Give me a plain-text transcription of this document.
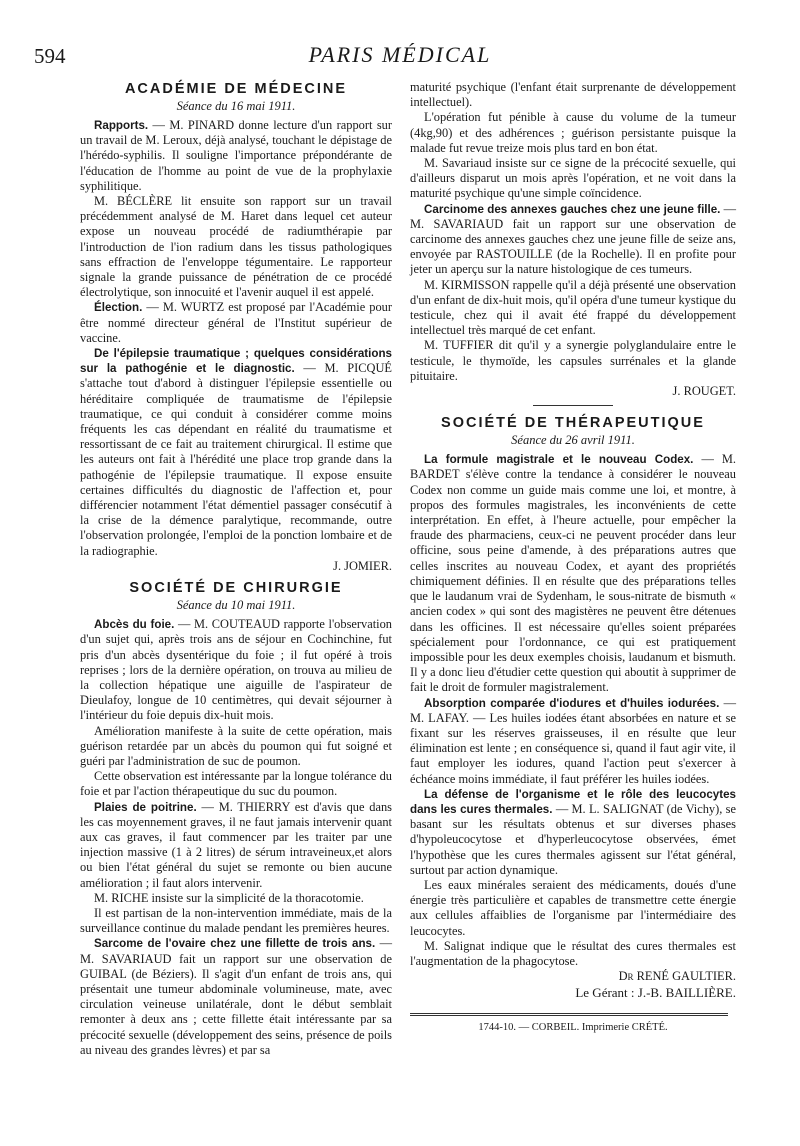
594	PARIS MÉDICAL
ACADÉMIE DE MÉDECINE
Séance du 16 mai 1911.

Rapports. — M. PINARD donne lecture d'un rapport sur un travail de M. Leroux, déjà analysé, touchant le dépistage de l'hérédo-syphilis. Il souligne l'importance prépondérante de l'éducation de l'homme au point de vue de la prophylaxie syphilitique.

M. BÉCLÈRE lit ensuite son rapport sur un travail précédemment analysé de M. Haret dans lequel cet auteur expose un nouveau procédé de radiumthérapie par l'introduction de l'ion radium dans les tissus pathologiques sans effraction de l'enveloppe tégumentaire. Le rapporteur signale la grande puissance de pénétration de ce procédé électrolytique, son innocuité et l'avenir auquel il est appelé.

Élection. — M. WURTZ est proposé par l'Académie pour être nommé directeur général de l'Institut supérieur de vaccine.

De l'épilepsie traumatique ; quelques considérations sur la pathogénie et le diagnostic. — M. PICQUÉ s'attache tout d'abord à distinguer l'épilepsie essentielle ou héréditaire compliquée de traumatisme de l'épilepsie traumatique, ce qui conduit à considérer comme moins fréquents les cas dépendant en réalité du traumatisme et ressortissant de ce fait au traitement chirurgical. Il estime que les auteurs ont fait à l'hérédité une place trop grande dans la pathogénie de l'épilepsie traumatique. Il expose ensuite certaines difficultés du diagnostic de l'affection et, pour différencier notamment l'état démentiel passager consécutif à la crise de la démence paralytique, recommande, outre l'observation prolongée, l'emploi de la ponction lombaire et de la radiographie.

J. JOMIER.

SOCIÉTÉ DE CHIRURGIE
Séance du 10 mai 1911.

Abcès du foie. — M. COUTEAUD rapporte l'observation d'un sujet qui, après trois ans de séjour en Cochinchine, fut pris d'un abcès dysentérique du foie ; il fut opéré à trois reprises ; lors de la dernière opération, on trouva au milieu de la collection hépatique une aiguille de l'aspirateur de Dieulafoy, longue de 10 centimètres, qui devait séjourner à l'intérieur du foie depuis dix-huit mois.

Amélioration manifeste à la suite de cette opération, mais guérison retardée par un abcès du poumon qui fut soigné et guéri par l'administration de suc de poumon.

Cette observation est intéressante par la longue tolérance du foie et par l'action thérapeutique du suc du poumon.

Plaies de poitrine. — M. THIERRY est d'avis que dans les cas moyennement graves, il ne faut jamais intervenir quant aux cas graves, il faut commencer par les traiter par une injection massive (1 à 2 litres) de sérum intraveineux,et alors ou bien l'état général du sujet se remonte ou bien aucune amélioration ; il faut alors intervenir.

M. RICHE insiste sur la simplicité de la thoracotomie.

Il est partisan de la non-intervention immédiate, mais de la surveillance continue du malade pendant les premières heures.

Sarcome de l'ovaire chez une fillette de trois ans. — M. SAVARIAUD fait un rapport sur une observation de GUIBAL (de Béziers). Il s'agit d'un enfant de trois ans, qui présentait une tumeur abdominale volumineuse, mate, avec circulation veineuse unilatérale, dont le début semblait remonter à deux ans ; cette fillette était intéressante par sa précocité sexuelle (développement des seins, présence de poils au niveau des grandes lèvres) et par sa

maturité psychique (l'enfant était surprenante de développement intellectuel).

L'opération fut pénible à cause du volume de la tumeur (4kg,90) et des adhérences ; guérison persistante puisque la malade fut revue treize mois plus tard en bon état.

M. Savariaud insiste sur ce signe de la précocité sexuelle, qui d'ailleurs disparut un mois après l'opération, et ne voit dans la maturité psychique qu'une simple coïncidence.

Carcinome des annexes gauches chez une jeune fille. — M. SAVARIAUD fait un rapport sur une observation de carcinome des annexes gauches chez une jeune fille de seize ans, envoyée par RASTOUILLE (de la Rochelle). Il en profite pour jeter un aperçu sur la nature histologique de ces tumeurs.

M. KIRMISSON rappelle qu'il a déjà présenté une observation d'un enfant de dix-huit mois, qu'il opéra d'une tumeur kystique du testicule, chez qui il avait été frappé du développement intellectuel très marqué de cet enfant.

M. TUFFIER dit qu'il y a synergie polyglandulaire entre le testicule, le thymoïde, les capsules surrénales et la glande pituitaire.

J. ROUGET.

SOCIÉTÉ DE THÉRAPEUTIQUE
Séance du 26 avril 1911.

La formule magistrale et le nouveau Codex. — M. BARDET s'élève contre la tendance à considérer le nouveau Codex non comme un guide mais comme une loi, et montre, à propos des formules magistrales, les inconvénients de cette interprétation. En effet, à l'heure actuelle, pour empêcher la fraude des pharmaciens, ceux-ci ne peuvent procéder dans leur officine, sous peine d'amende, à des préparations autres que celles inscrites au nouveau Codex, et ayant des propriétés chimiquement définies. Il en résulte que des préparations telles que le laudanum vrai de Sydenham, le sous-nitrate de bismuth « ancien codex » qui sont des magistères ne peuvent être détenues dans les officines. Il est nécessaire qu'elles soient préparées spécialement pour l'ordonnance, ce qui est pratiquement impossible pour les deux exemples choisis, laudanum et bismuth. Il y a donc lieu d'étudier cette question qui aboutit à supprimer de fait le droit de formuler magistralement.

Absorption comparée d'iodures et d'huiles iodurées. — M. LAFAY. — Les huiles iodées étant absorbées en nature et se fixant sur les réserves graisseuses, il en résulte que leur élimination est lente ; en conséquence si, quand il faut agir vite, il faut employer les iodures, quand l'action peut s'exercer à échéance moins immédiate, il faut préférer les huiles iodées.

La défense de l'organisme et le rôle des leucocytes dans les cures thermales. — M. L. SALIGNAT (de Vichy), se basant sur les résultats obtenus et sur diverses phases d'hypoleucocytose et d'hyperleucocytose observées, émet l'hypothèse que les cures thermales agissent sur l'état général, surtout par action dynamique.

Les eaux minérales seraient des médicaments, doués d'une énergie très particulière et capables de transmettre cette énergie aux cellules affaiblies de l'organisme par l'intermédiaire des leucocytes.

M. Salignat indique que le résultat des cures thermales est l'augmentation de la phagocytose.

Dr RENÉ GAULTIER.

Le Gérant : J.-B. BAILLIÈRE.
1744-10. — CORBEIL. Imprimerie CRÉTÉ.
